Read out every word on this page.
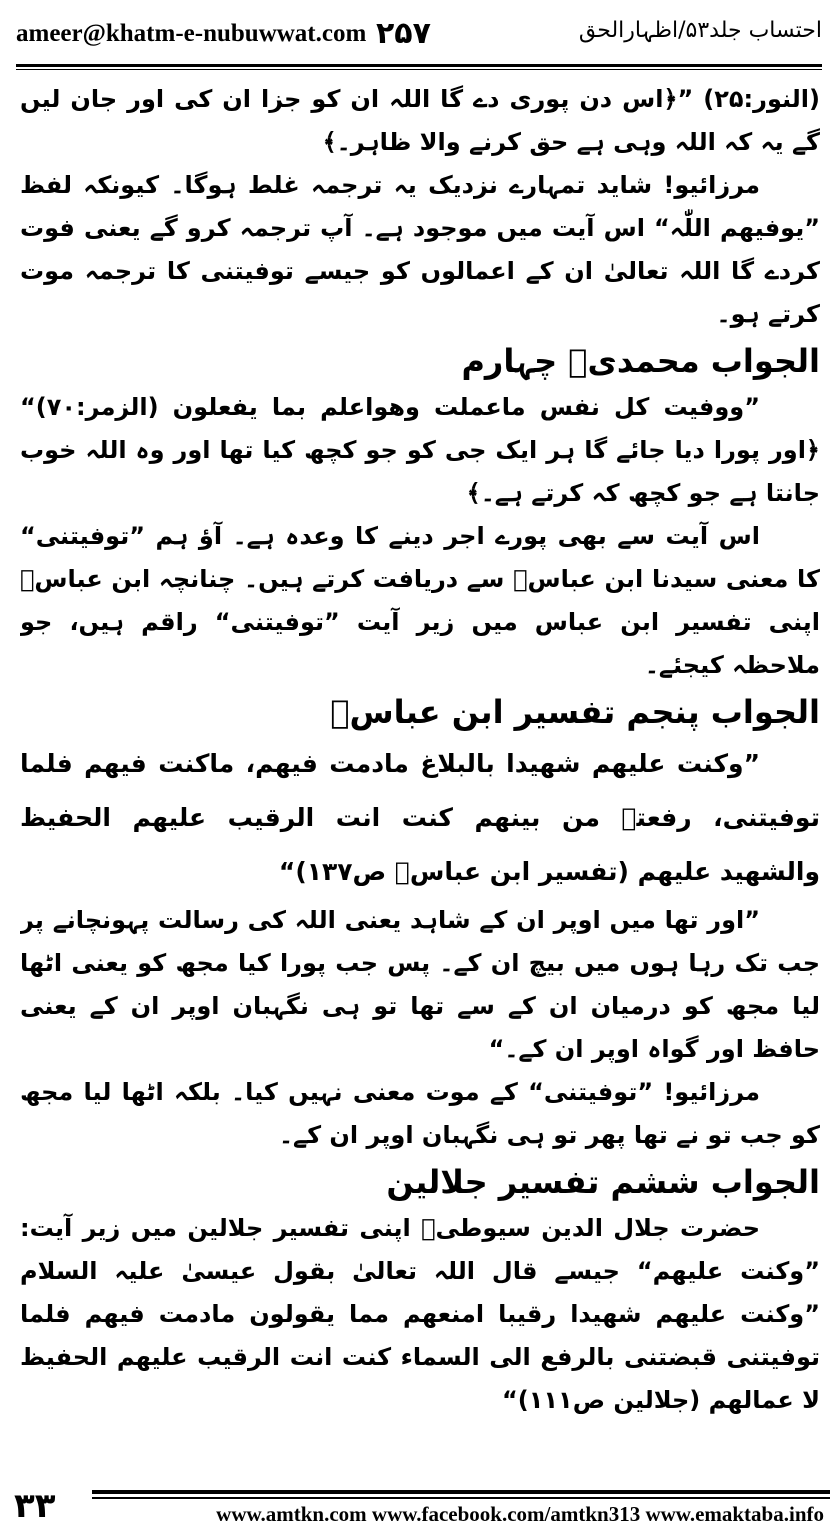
ameer@khatm-e-nubuwwat.com ۲۵۷	احتساب جلد۵۳/اظہارالحق

(النور:۲۵) ”﴿اس دن پوری دے گا اللہ ان کو جزا ان کی اور جان لیں گے یہ کہ اللہ وہی ہے حق کرنے والا ظاہر۔﴾

مرزائیو! شاید تمہارے نزدیک یہ ترجمہ غلط ہوگا۔ کیونکہ لفظ ”یوفیھم اللّٰہ“ اس آیت میں موجود ہے۔ آپ ترجمہ کرو گے یعنی فوت کردے گا اللہ تعالیٰ ان کے اعمالوں کو جیسے توفیتنی کا ترجمہ موت کرتے ہو۔

الجواب محمدیؐ چہارم

”ووفیت کل نفس ماعملت وھواعلم بما یفعلون (الزمر:۷۰)“ ﴿اور پورا دیا جائے گا ہر ایک جی کو جو کچھ کیا تھا اور وہ اللہ خوب جانتا ہے جو کچھ کہ کرتے ہے۔﴾

اس آیت سے بھی پورے اجر دینے کا وعدہ ہے۔ آؤ ہم ”توفیتنی“ کا معنی سیدنا ابن عباسؓ سے دریافت کرتے ہیں۔ چنانچہ ابن عباسؓ اپنی تفسیر ابن عباس میں زیر آیت ”توفیتنی“ راقم ہیں، جو ملاحظہ کیجئے۔

الجواب پنجم تفسیر ابن عباسؓ

”وکنت علیھم شھیدا بالبلاغ مادمت فیھم، ماکنت فیھم فلما توفیتنی، رفعتہ من بینھم کنت انت الرقیب علیھم الحفیظ والشھید علیھم (تفسیر ابن عباسؓ ص۱۳۷)“

”اور تھا میں اوپر ان کے شاہد یعنی اللہ کی رسالت پہونچانے پر جب تک رہا ہوں میں بیچ ان کے۔ پس جب پورا کیا مجھ کو یعنی اٹھا لیا مجھ کو درمیان ان کے سے تھا تو ہی نگہبان اوپر ان کے یعنی حافظ اور گواہ اوپر ان کے۔“

مرزائیو! ”توفیتنی“ کے موت معنی نہیں کیا۔ بلکہ اٹھا لیا مجھ کو جب تو نے تھا پھر تو ہی نگہبان اوپر ان کے۔

الجواب ششم تفسیر جلالین

حضرت جلال الدین سیوطیؒ اپنی تفسیر جلالین میں زیر آیت: ”وکنت علیھم“ جیسے قال اللہ تعالیٰ بقول عیسیٰ علیہ السلام ”وکنت علیھم شھیدا رقیبا امنعھم مما یقولون مادمت فیھم فلما توفیتنی قبضتنی بالرفع الی السماء کنت انت الرقیب علیھم الحفیظ لا عمالھم (جلالین ص۱۱۱)“

۳۳	www.amtkn.com www.facebook.com/amtkn313 www.emaktaba.info
